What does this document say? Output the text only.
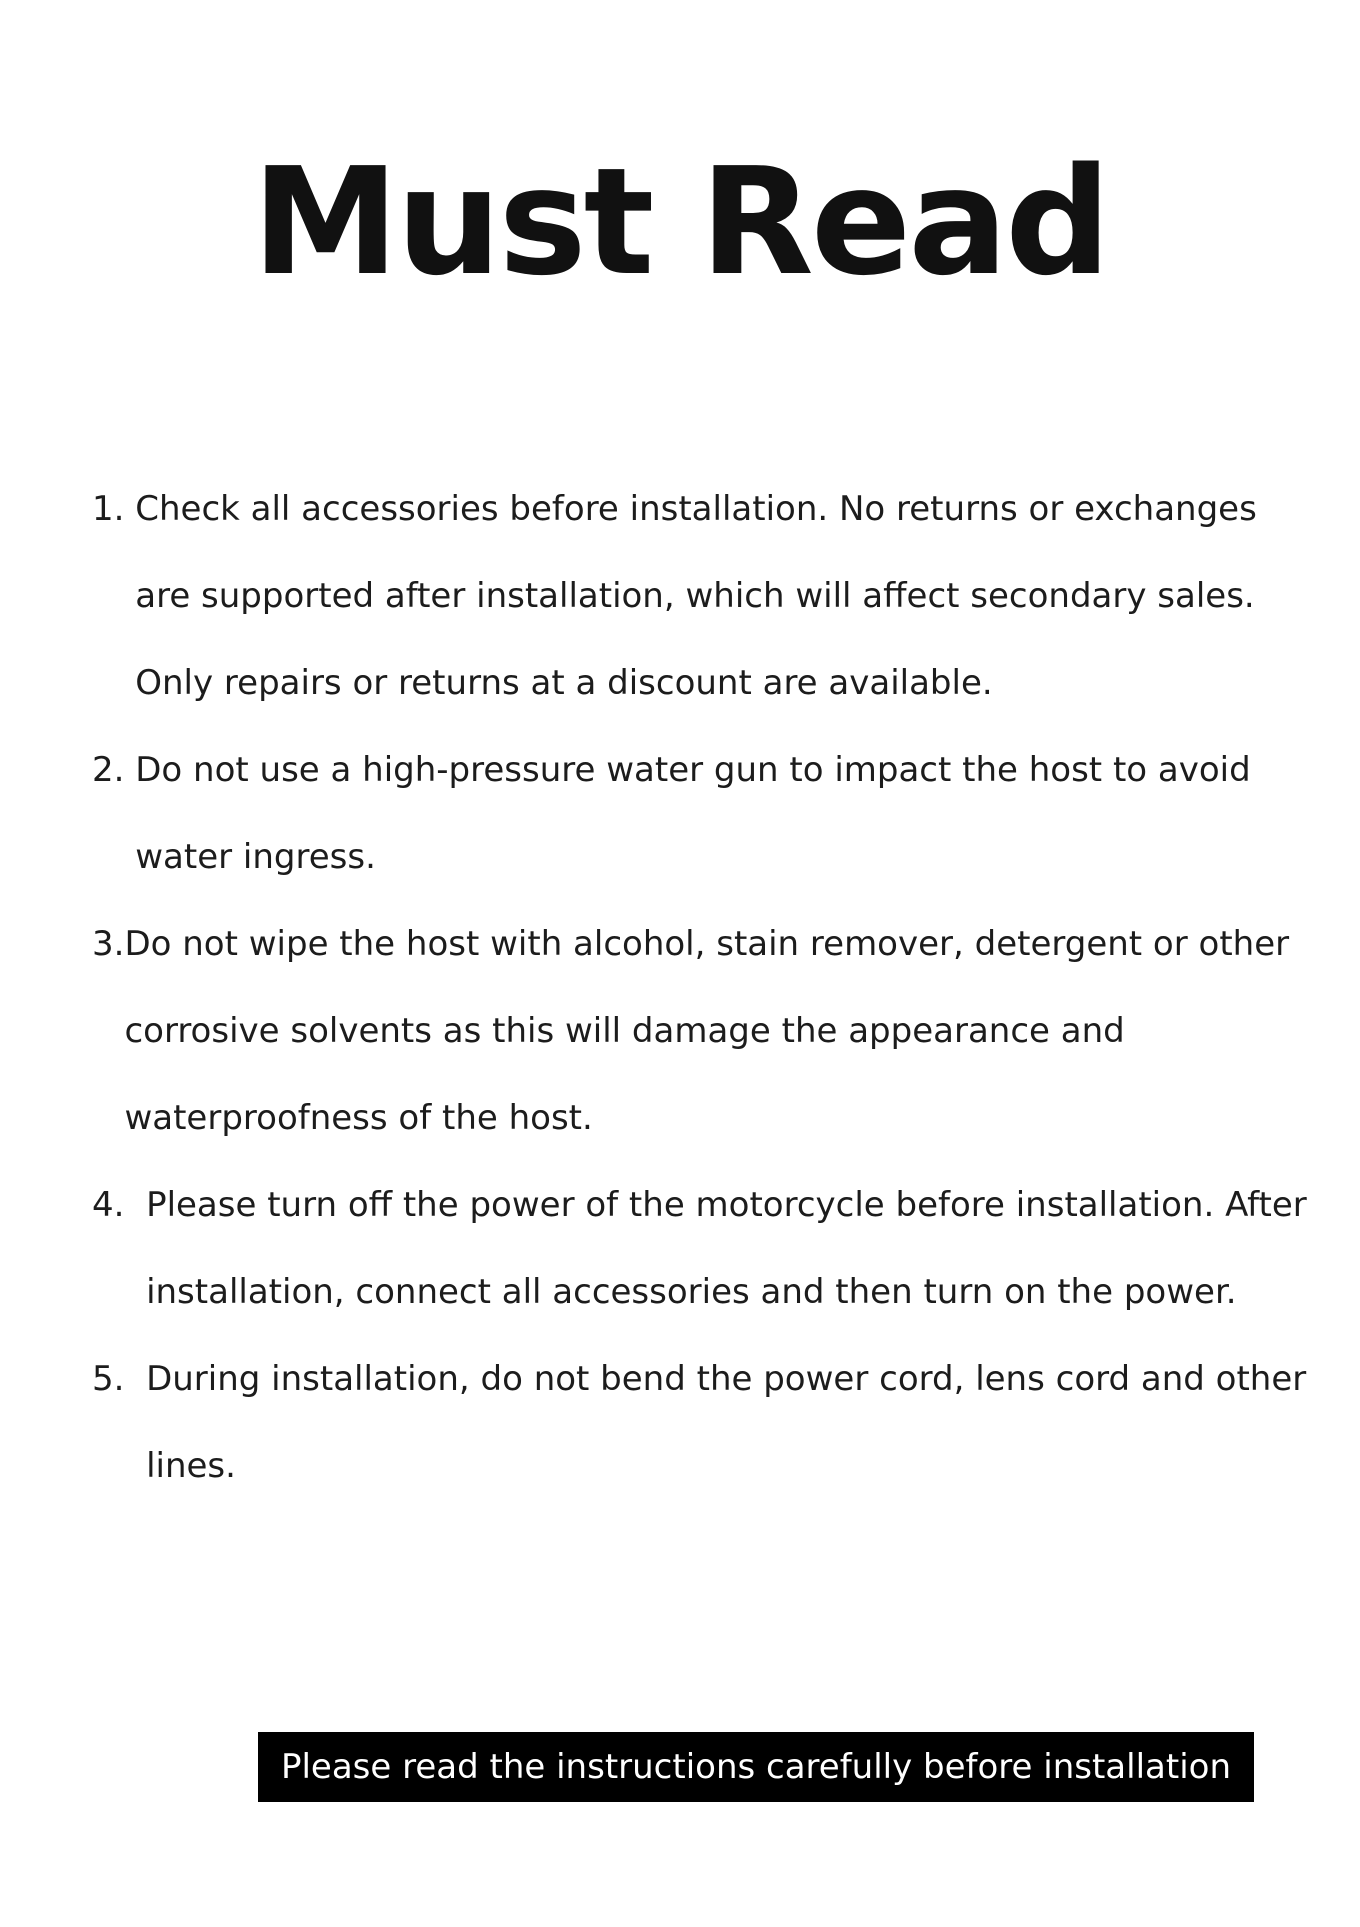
Must Read
1. Check all accessories before installation. No returns or exchanges are supported after installation, which will affect secondary sales. Only repairs or returns at a discount are available.
2. Do not use a high-pressure water gun to impact the host to avoid water ingress.
3. Do not wipe the host with alcohol, stain remover, detergent or other corrosive solvents as this will damage the appearance and waterproofness of the host.
4. Please turn off the power of the motorcycle before installation. After installation, connect all accessories and then turn on the power.
5. During installation, do not bend the power cord, lens cord and other lines.
Please read the instructions carefully before installation
